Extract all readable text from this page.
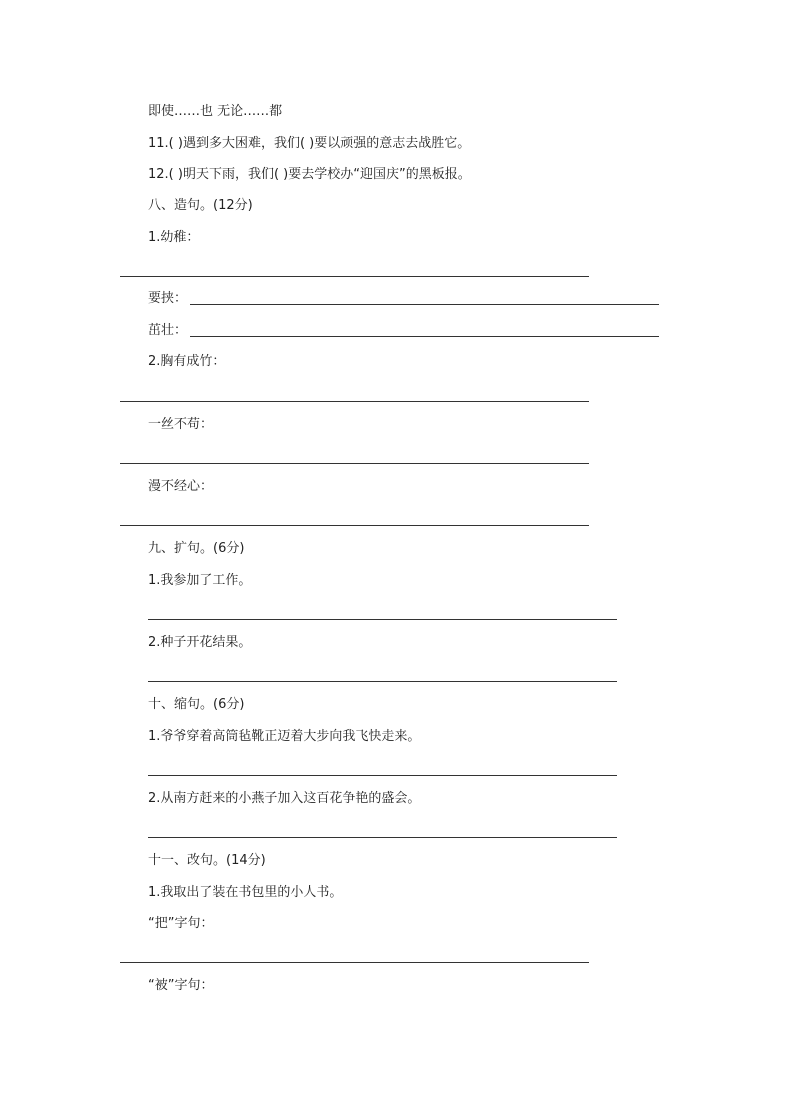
即使……也 无论……都
11.( )遇到多大困难，我们( )要以顽强的意志去战胜它。
12.( )明天下雨，我们( )要去学校办“迎国庆”的黑板报。
八、造句。(12分)
1.幼稚：
要挟：
茁壮：
2.胸有成竹：
一丝不苟：
漫不经心：
九、扩句。(6分)
1.我参加了工作。
2.种子开花结果。
十、缩句。(6分)
1.爷爷穿着高筒毡靴正迈着大步向我飞快走来。
2.从南方赶来的小燕子加入这百花争艳的盛会。
十一、改句。(14分)
1.我取出了装在书包里的小人书。
“把”字句：
“被”字句：
